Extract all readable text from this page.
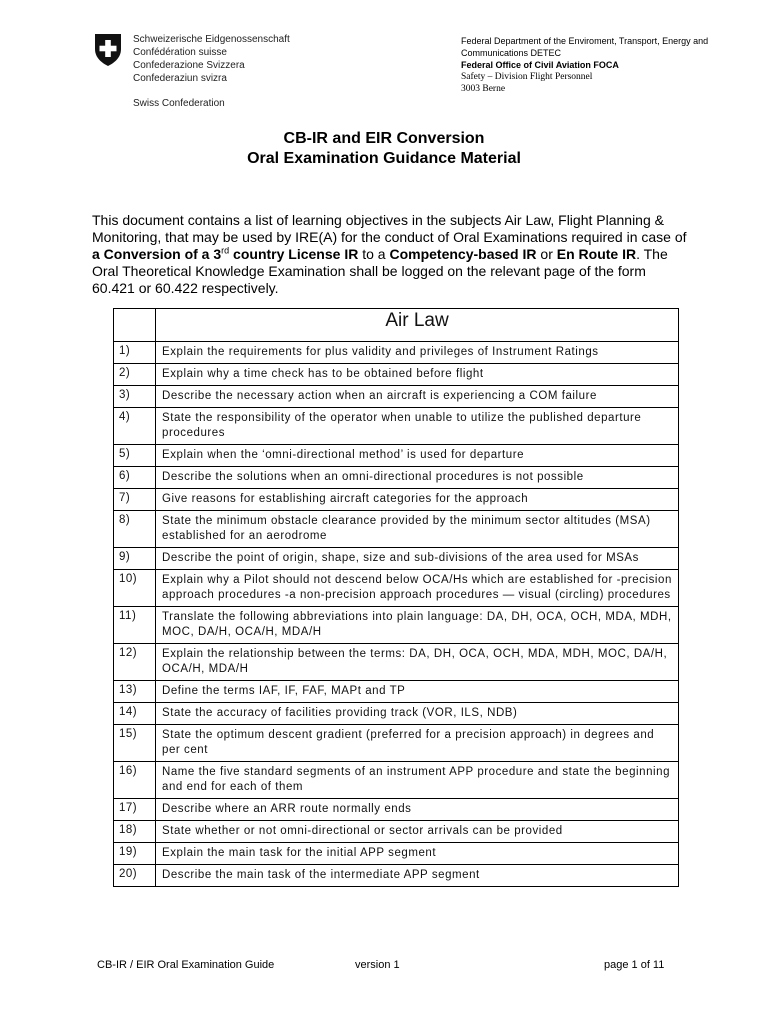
Schweizerische Eidgenossenschaft
Confédération suisse
Confederazione Svizzera
Confederaziun svizra
Swiss Confederation
Federal Department of the Enviroment, Transport, Energy and
Communications DETEC
Federal Office of Civil Aviation FOCA
Safety – Division Flight Personnel
3003 Berne
CB-IR and EIR Conversion
Oral Examination Guidance Material
This document contains a list of learning objectives in the subjects Air Law, Flight Planning & Monitoring, that may be used by IRE(A) for the conduct of Oral Examinations required in case of a Conversion of a 3rd country License IR to a Competency-based IR or En Route IR. The Oral Theoretical Knowledge Examination shall be logged on the relevant page of the form 60.421 or 60.422 respectively.
	Air Law
1)	Explain the requirements for plus validity and privileges of Instrument Ratings
2)	Explain why a time check has to be obtained before flight
3)	Describe the necessary action when an aircraft is experiencing a COM failure
4)	State the responsibility of the operator when unable to utilize the published departure procedures
5)	Explain when the ‘omni-directional method’ is used for departure
6)	Describe the solutions when an omni-directional procedures is not possible
7)	Give reasons for establishing aircraft categories for the approach
8)	State the minimum obstacle clearance provided by the minimum sector altitudes (MSA) established for an aerodrome
9)	Describe the point of origin, shape, size and sub-divisions of the area used for MSAs
10)	Explain why a Pilot should not descend below OCA/Hs which are established for -precision approach procedures -a non-precision approach procedures — visual (circling) procedures
11)	Translate the following abbreviations into plain language: DA, DH, OCA, OCH, MDA, MDH, MOC, DA/H, OCA/H, MDA/H
12)	Explain the relationship between the terms: DA, DH, OCA, OCH, MDA, MDH, MOC, DA/H, OCA/H, MDA/H
13)	Define the terms IAF, IF, FAF, MAPt and TP
14)	State the accuracy of facilities providing track (VOR, ILS, NDB)
15)	State the optimum descent gradient (preferred for a precision approach) in degrees and per cent
16)	Name the five standard segments of an instrument APP procedure and state the beginning and end for each of them
17)	Describe where an ARR route normally ends
18)	State whether or not omni-directional or sector arrivals can be provided
19)	Explain the main task for the initial APP segment
20)	Describe the main task of the intermediate APP segment
CB-IR / EIR Oral Examination Guide	version 1	page 1 of 11
